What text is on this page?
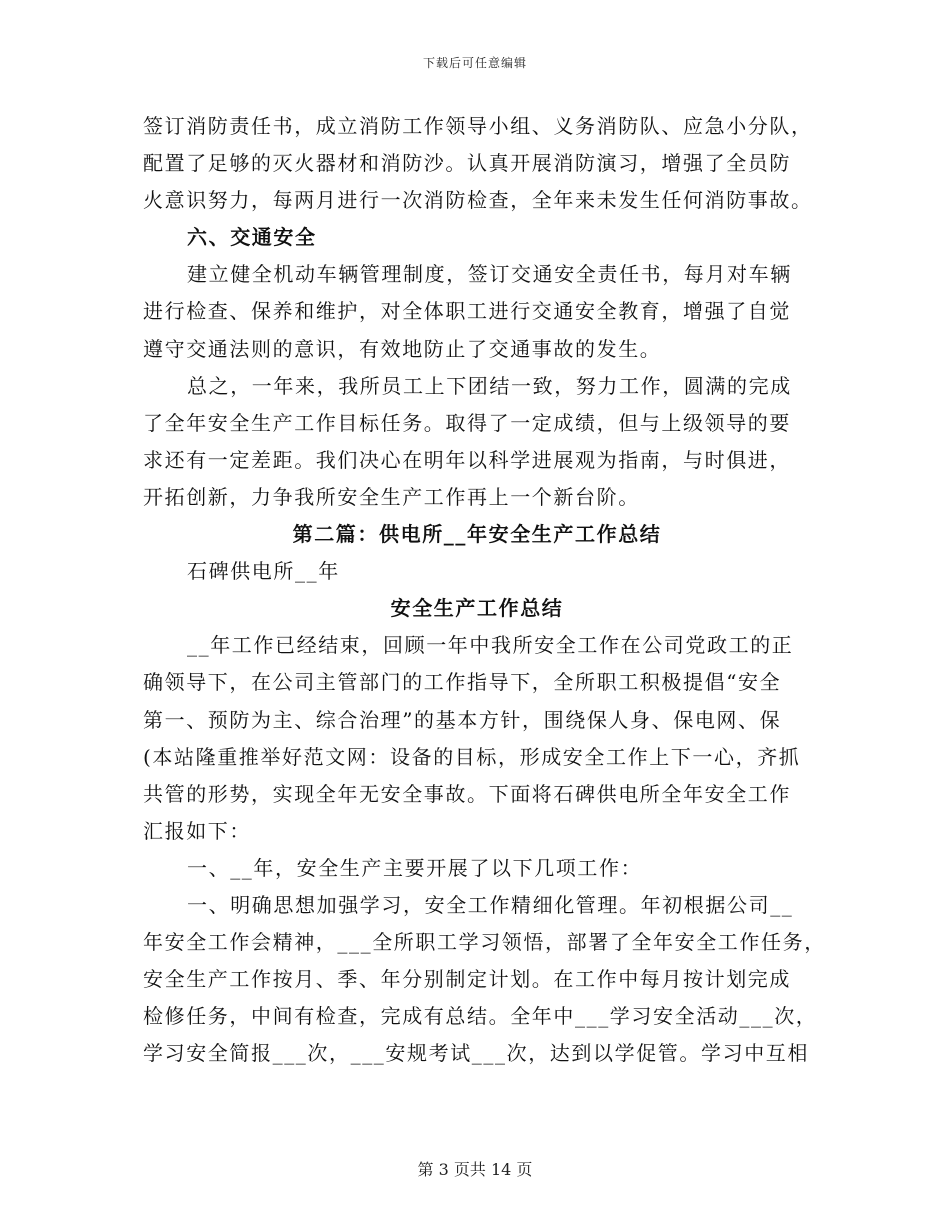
下载后可任意编辑
签订消防责任书，成立消防工作领导小组、义务消防队、应急小分队，
配置了足够的灭火器材和消防沙。认真开展消防演习，增强了全员防
火意识努力，每两月进行一次消防检查，全年来未发生任何消防事故。
六、交通安全
建立健全机动车辆管理制度，签订交通安全责任书，每月对车辆
进行检查、保养和维护，对全体职工进行交通安全教育，增强了自觉
遵守交通法则的意识，有效地防止了交通事故的发生。
总之，一年来，我所员工上下团结一致，努力工作，圆满的完成
了全年安全生产工作目标任务。取得了一定成绩，但与上级领导的要
求还有一定差距。我们决心在明年以科学进展观为指南，与时俱进，
开拓创新，力争我所安全生产工作再上一个新台阶。
第二篇：供电所__年安全生产工作总结
石碑供电所__年
安全生产工作总结
__年工作已经结束，回顾一年中我所安全工作在公司党政工的正
确领导下，在公司主管部门的工作指导下，全所职工积极提倡“安全
第一、预防为主、综合治理”的基本方针，围绕保人身、保电网、保
(本站隆重推举好范文网：设备的目标，形成安全工作上下一心，齐抓
共管的形势，实现全年无安全事故。下面将石碑供电所全年安全工作
汇报如下：
一、__年，安全生产主要开展了以下几项工作：
一、明确思想加强学习，安全工作精细化管理。年初根据公司__
年安全工作会精神，___全所职工学习领悟，部署了全年安全工作任务，
安全生产工作按月、季、年分别制定计划。在工作中每月按计划完成
检修任务，中间有检查，完成有总结。全年中___学习安全活动___次，
学习安全简报___次，___安规考试___次，达到以学促管。学习中互相
第 3 页共 14 页
